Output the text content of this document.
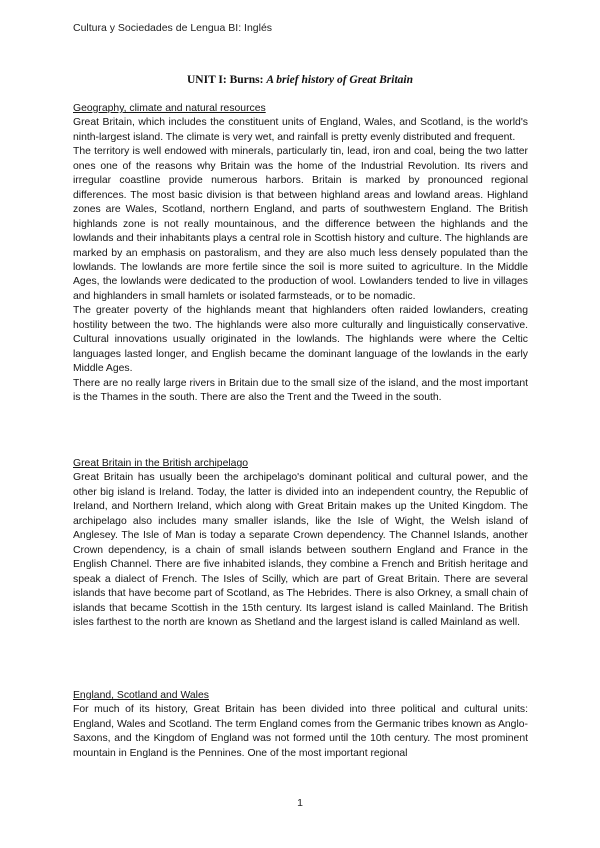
Cultura y Sociedades de Lengua BI: Inglés
UNIT I: Burns: A brief history of Great Britain

Geography, climate and natural resources

Great Britain, which includes the constituent units of England, Wales, and Scotland, is the world's ninth-largest island. The climate is very wet, and rainfall is pretty evenly distributed and frequent.

The territory is well endowed with minerals, particularly tin, lead, iron and coal, being the two latter ones one of the reasons why Britain was the home of the Industrial Revolution. Its rivers and irregular coastline provide numerous harbors. Britain is marked by pronounced regional differences. The most basic division is that between highland areas and lowland areas. Highland zones are Wales, Scotland, northern England, and parts of southwestern England. The British highlands zone is not really mountainous, and the difference between the highlands and the lowlands and their inhabitants plays a central role in Scottish history and culture. The highlands are marked by an emphasis on pastoralism, and they are also much less densely populated than the lowlands. The lowlands are more fertile since the soil is more suited to agriculture. In the Middle Ages, the lowlands were dedicated to the production of wool. Lowlanders tended to live in villages and highlanders in small hamlets or isolated farmsteads, or to be nomadic.

The greater poverty of the highlands meant that highlanders often raided lowlanders, creating hostility between the two. The highlands were also more culturally and linguistically conservative. Cultural innovations usually originated in the lowlands. The highlands were where the Celtic languages lasted longer, and English became the dominant language of the lowlands in the early Middle Ages.

There are no really large rivers in Britain due to the small size of the island, and the most important is the Thames in the south. There are also the Trent and the Tweed in the south.

Great Britain in the British archipelago

Great Britain has usually been the archipelago's dominant political and cultural power, and the other big island is Ireland. Today, the latter is divided into an independent country, the Republic of Ireland, and Northern Ireland, which along with Great Britain makes up the United Kingdom. The archipelago also includes many smaller islands, like the Isle of Wight, the Welsh island of Anglesey. The Isle of Man is today a separate Crown dependency. The Channel Islands, another Crown dependency, is a chain of small islands between southern England and France in the English Channel. There are five inhabited islands, they combine a French and British heritage and speak a dialect of French. The Isles of Scilly, which are part of Great Britain. There are several islands that have become part of Scotland, as The Hebrides. There is also Orkney, a small chain of islands that became Scottish in the 15th century. Its largest island is called Mainland. The British isles farthest to the north are known as Shetland and the largest island is called Mainland as well.

England, Scotland and Wales

For much of its history, Great Britain has been divided into three political and cultural units: England, Wales and Scotland. The term England comes from the Germanic tribes known as Anglo-Saxons, and the Kingdom of England was not formed until the 10th century. The most prominent mountain in England is the Pennines. One of the most important regional

1
